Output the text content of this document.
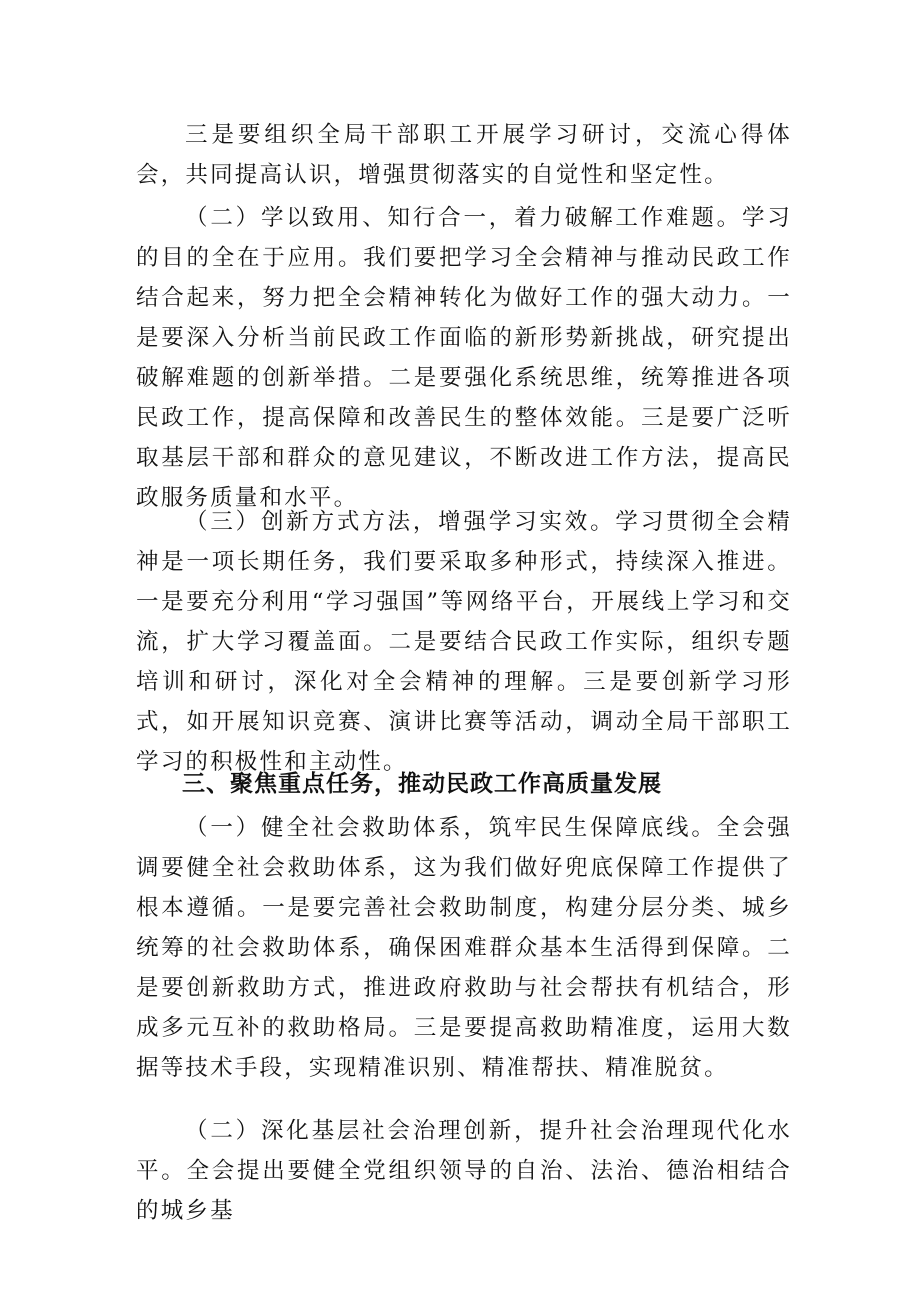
三是要组织全局干部职工开展学习研讨，交流心得体会，共同提高认识，增强贯彻落实的自觉性和坚定性。

（二）学以致用、知行合一，着力破解工作难题。学习的目的全在于应用。我们要把学习全会精神与推动民政工作结合起来，努力把全会精神转化为做好工作的强大动力。一是要深入分析当前民政工作面临的新形势新挑战，研究提出破解难题的创新举措。二是要强化系统思维，统筹推进各项民政工作，提高保障和改善民生的整体效能。三是要广泛听取基层干部和群众的意见建议，不断改进工作方法，提高民政服务质量和水平。

（三）创新方式方法，增强学习实效。学习贯彻全会精神是一项长期任务，我们要采取多种形式，持续深入推进。一是要充分利用“学习强国”等网络平台，开展线上学习和交流，扩大学习覆盖面。二是要结合民政工作实际，组织专题培训和研讨，深化对全会精神的理解。三是要创新学习形式，如开展知识竞赛、演讲比赛等活动，调动全局干部职工学习的积极性和主动性。

三、聚焦重点任务，推动民政工作高质量发展

（一）健全社会救助体系，筑牢民生保障底线。全会强调要健全社会救助体系，这为我们做好兜底保障工作提供了根本遵循。一是要完善社会救助制度，构建分层分类、城乡统筹的社会救助体系，确保困难群众基本生活得到保障。二是要创新救助方式，推进政府救助与社会帮扶有机结合，形成多元互补的救助格局。三是要提高救助精准度，运用大数据等技术手段，实现精准识别、精准帮扶、精准脱贫。

（二）深化基层社会治理创新，提升社会治理现代化水平。全会提出要健全党组织领导的自治、法治、德治相结合的城乡基
